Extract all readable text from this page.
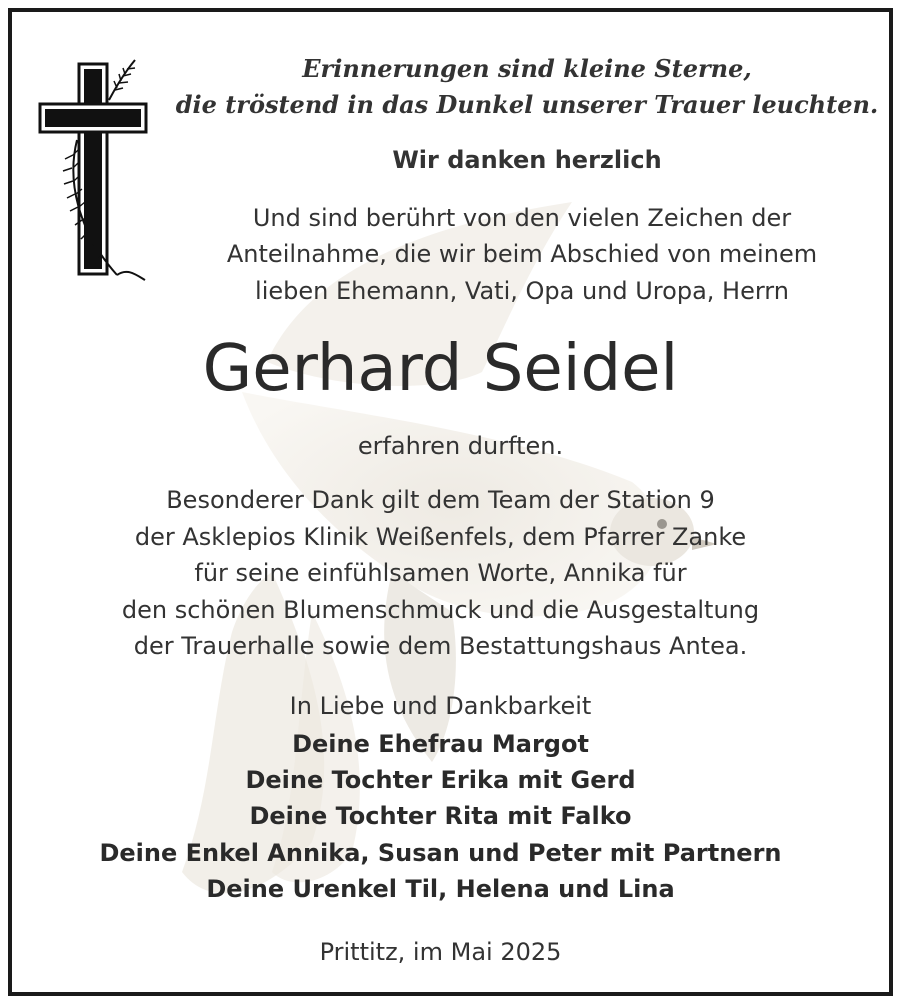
Erinnerungen sind kleine Sterne,
die tröstend in das Dunkel unserer Trauer leuchten.
Wir danken herzlich
Und sind berührt von den vielen Zeichen der
Anteilnahme, die wir beim Abschied von meinem
lieben Ehemann, Vati, Opa und Uropa, Herrn
Gerhard Seidel
erfahren durften.
Besonderer Dank gilt dem Team der Station 9
der Asklepios Klinik Weißenfels, dem Pfarrer Zanke
für seine einfühlsamen Worte, Annika für
den schönen Blumenschmuck und die Ausgestaltung
der Trauerhalle sowie dem Bestattungshaus Antea.
In Liebe und Dankbarkeit
Deine Ehefrau Margot
Deine Tochter Erika mit Gerd
Deine Tochter Rita mit Falko
Deine Enkel Annika, Susan und Peter mit Partnern
Deine Urenkel Til, Helena und Lina
Prittitz, im Mai 2025
